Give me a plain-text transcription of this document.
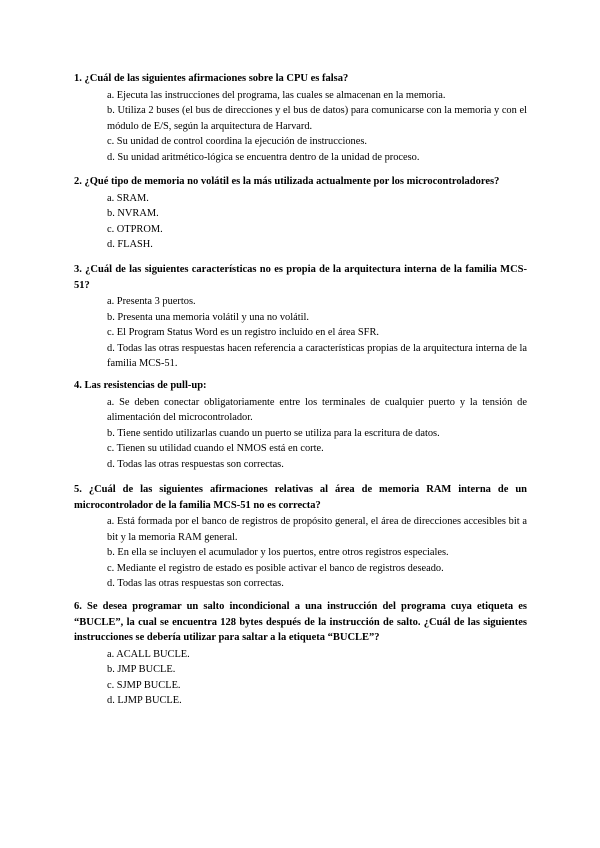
1. ¿Cuál de las siguientes afirmaciones sobre la CPU es falsa?
a. Ejecuta las instrucciones del programa, las cuales se almacenan en la memoria.
b. Utiliza 2 buses (el bus de direcciones y el bus de datos) para comunicarse con la memoria y con el módulo de E/S, según la arquitectura de Harvard.
c. Su unidad de control coordina la ejecución de instrucciones.
d. Su unidad aritmético-lógica se encuentra dentro de la unidad de proceso.
2. ¿Qué tipo de memoria no volátil es la más utilizada actualmente por los microcontroladores?
a. SRAM.
b. NVRAM.
c. OTPROM.
d. FLASH.
3. ¿Cuál de las siguientes características no es propia de la arquitectura interna de la familia MCS-51?
a. Presenta 3 puertos.
b. Presenta una memoria volátil y una no volátil.
c. El Program Status Word es un registro incluido en el área SFR.
d. Todas las otras respuestas hacen referencia a características propias de la arquitectura interna de la familia MCS-51.
4. Las resistencias de pull-up:
a. Se deben conectar obligatoriamente entre los terminales de cualquier puerto y la tensión de alimentación del microcontrolador.
b. Tiene sentido utilizarlas cuando un puerto se utiliza para la escritura de datos.
c. Tienen su utilidad cuando el NMOS está en corte.
d. Todas las otras respuestas son correctas.
5. ¿Cuál de las siguientes afirmaciones relativas al área de memoria RAM interna de un microcontrolador de la familia MCS-51 no es correcta?
a. Está formada por el banco de registros de propósito general, el área de direcciones accesibles bit a bit y la memoria RAM general.
b. En ella se incluyen el acumulador y los puertos, entre otros registros especiales.
c. Mediante el registro de estado es posible activar el banco de registros deseado.
d. Todas las otras respuestas son correctas.
6. Se desea programar un salto incondicional a una instrucción del programa cuya etiqueta es “BUCLE”, la cual se encuentra 128 bytes después de la instrucción de salto. ¿Cuál de las siguientes instrucciones se debería utilizar para saltar a la etiqueta “BUCLE”?
a. ACALL BUCLE.
b. JMP BUCLE.
c. SJMP BUCLE.
d. LJMP BUCLE.
